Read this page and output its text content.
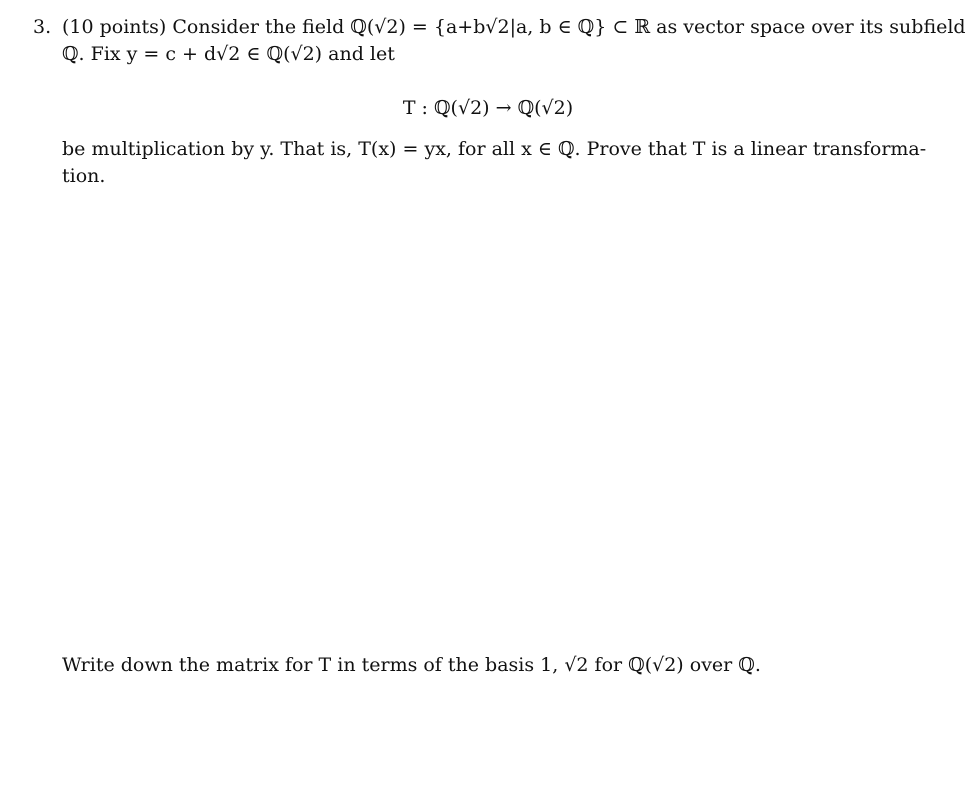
3. (10 points) Consider the field ℚ(√2) = {a+b√2|a, b ∈ ℚ} ⊂ ℝ as vector space over its subfield
ℚ. Fix y = c + d√2 ∈ ℚ(√2) and let
T : ℚ(√2) → ℚ(√2)
be multiplication by y. That is, T(x) = yx, for all x ∈ ℚ. Prove that T is a linear transforma-
tion.
Write down the matrix for T in terms of the basis 1, √2 for ℚ(√2) over ℚ.
